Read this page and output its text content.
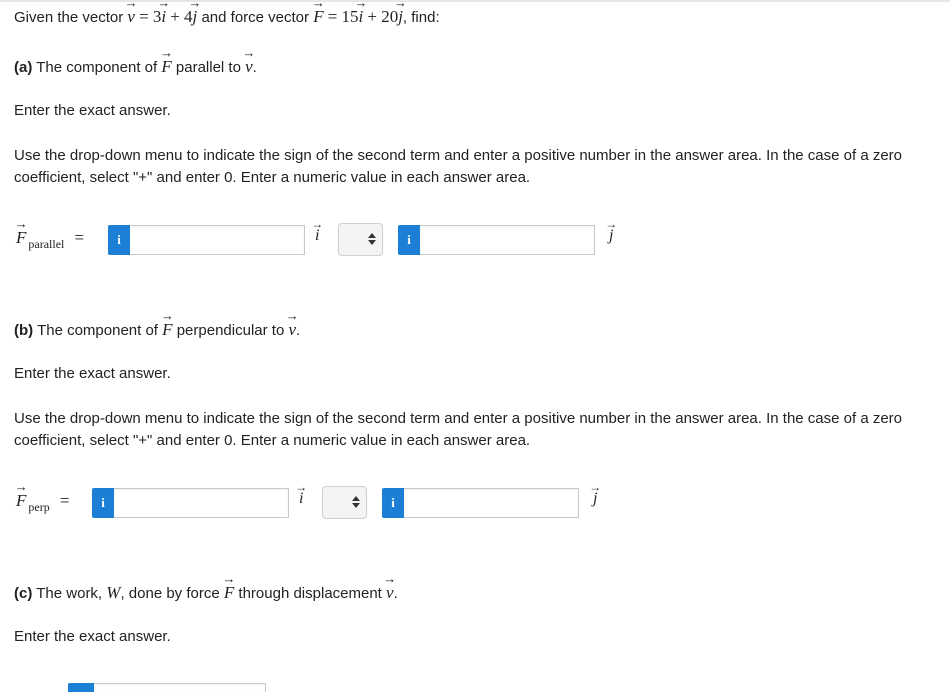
Given the vector
→
v = 3
→
i + 4
→
j and force vector
→
F = 15
→
i + 20
→
j, find:
(a) The component of
→
F parallel to
→
v.
Enter the exact answer.
Use the drop-down menu to indicate the sign of the second term and enter a positive number in the answer area. In the case of a zero coefficient, select "+" and enter 0. Enter a numeric value in each answer area.
→
F $_{parallel}$ =	i
→
i	i
→
j
(b) The component of
→
F perpendicular to
→
v.
Enter the exact answer.
Use the drop-down menu to indicate the sign of the second term and enter a positive number in the answer area. In the case of a zero coefficient, select "+" and enter 0. Enter a numeric value in each answer area.
→
F $_{perp}$ =	i
→
i	i
→
j
(c) The work, W, done by force
→
F through displacement
→
v.
Enter the exact answer.
